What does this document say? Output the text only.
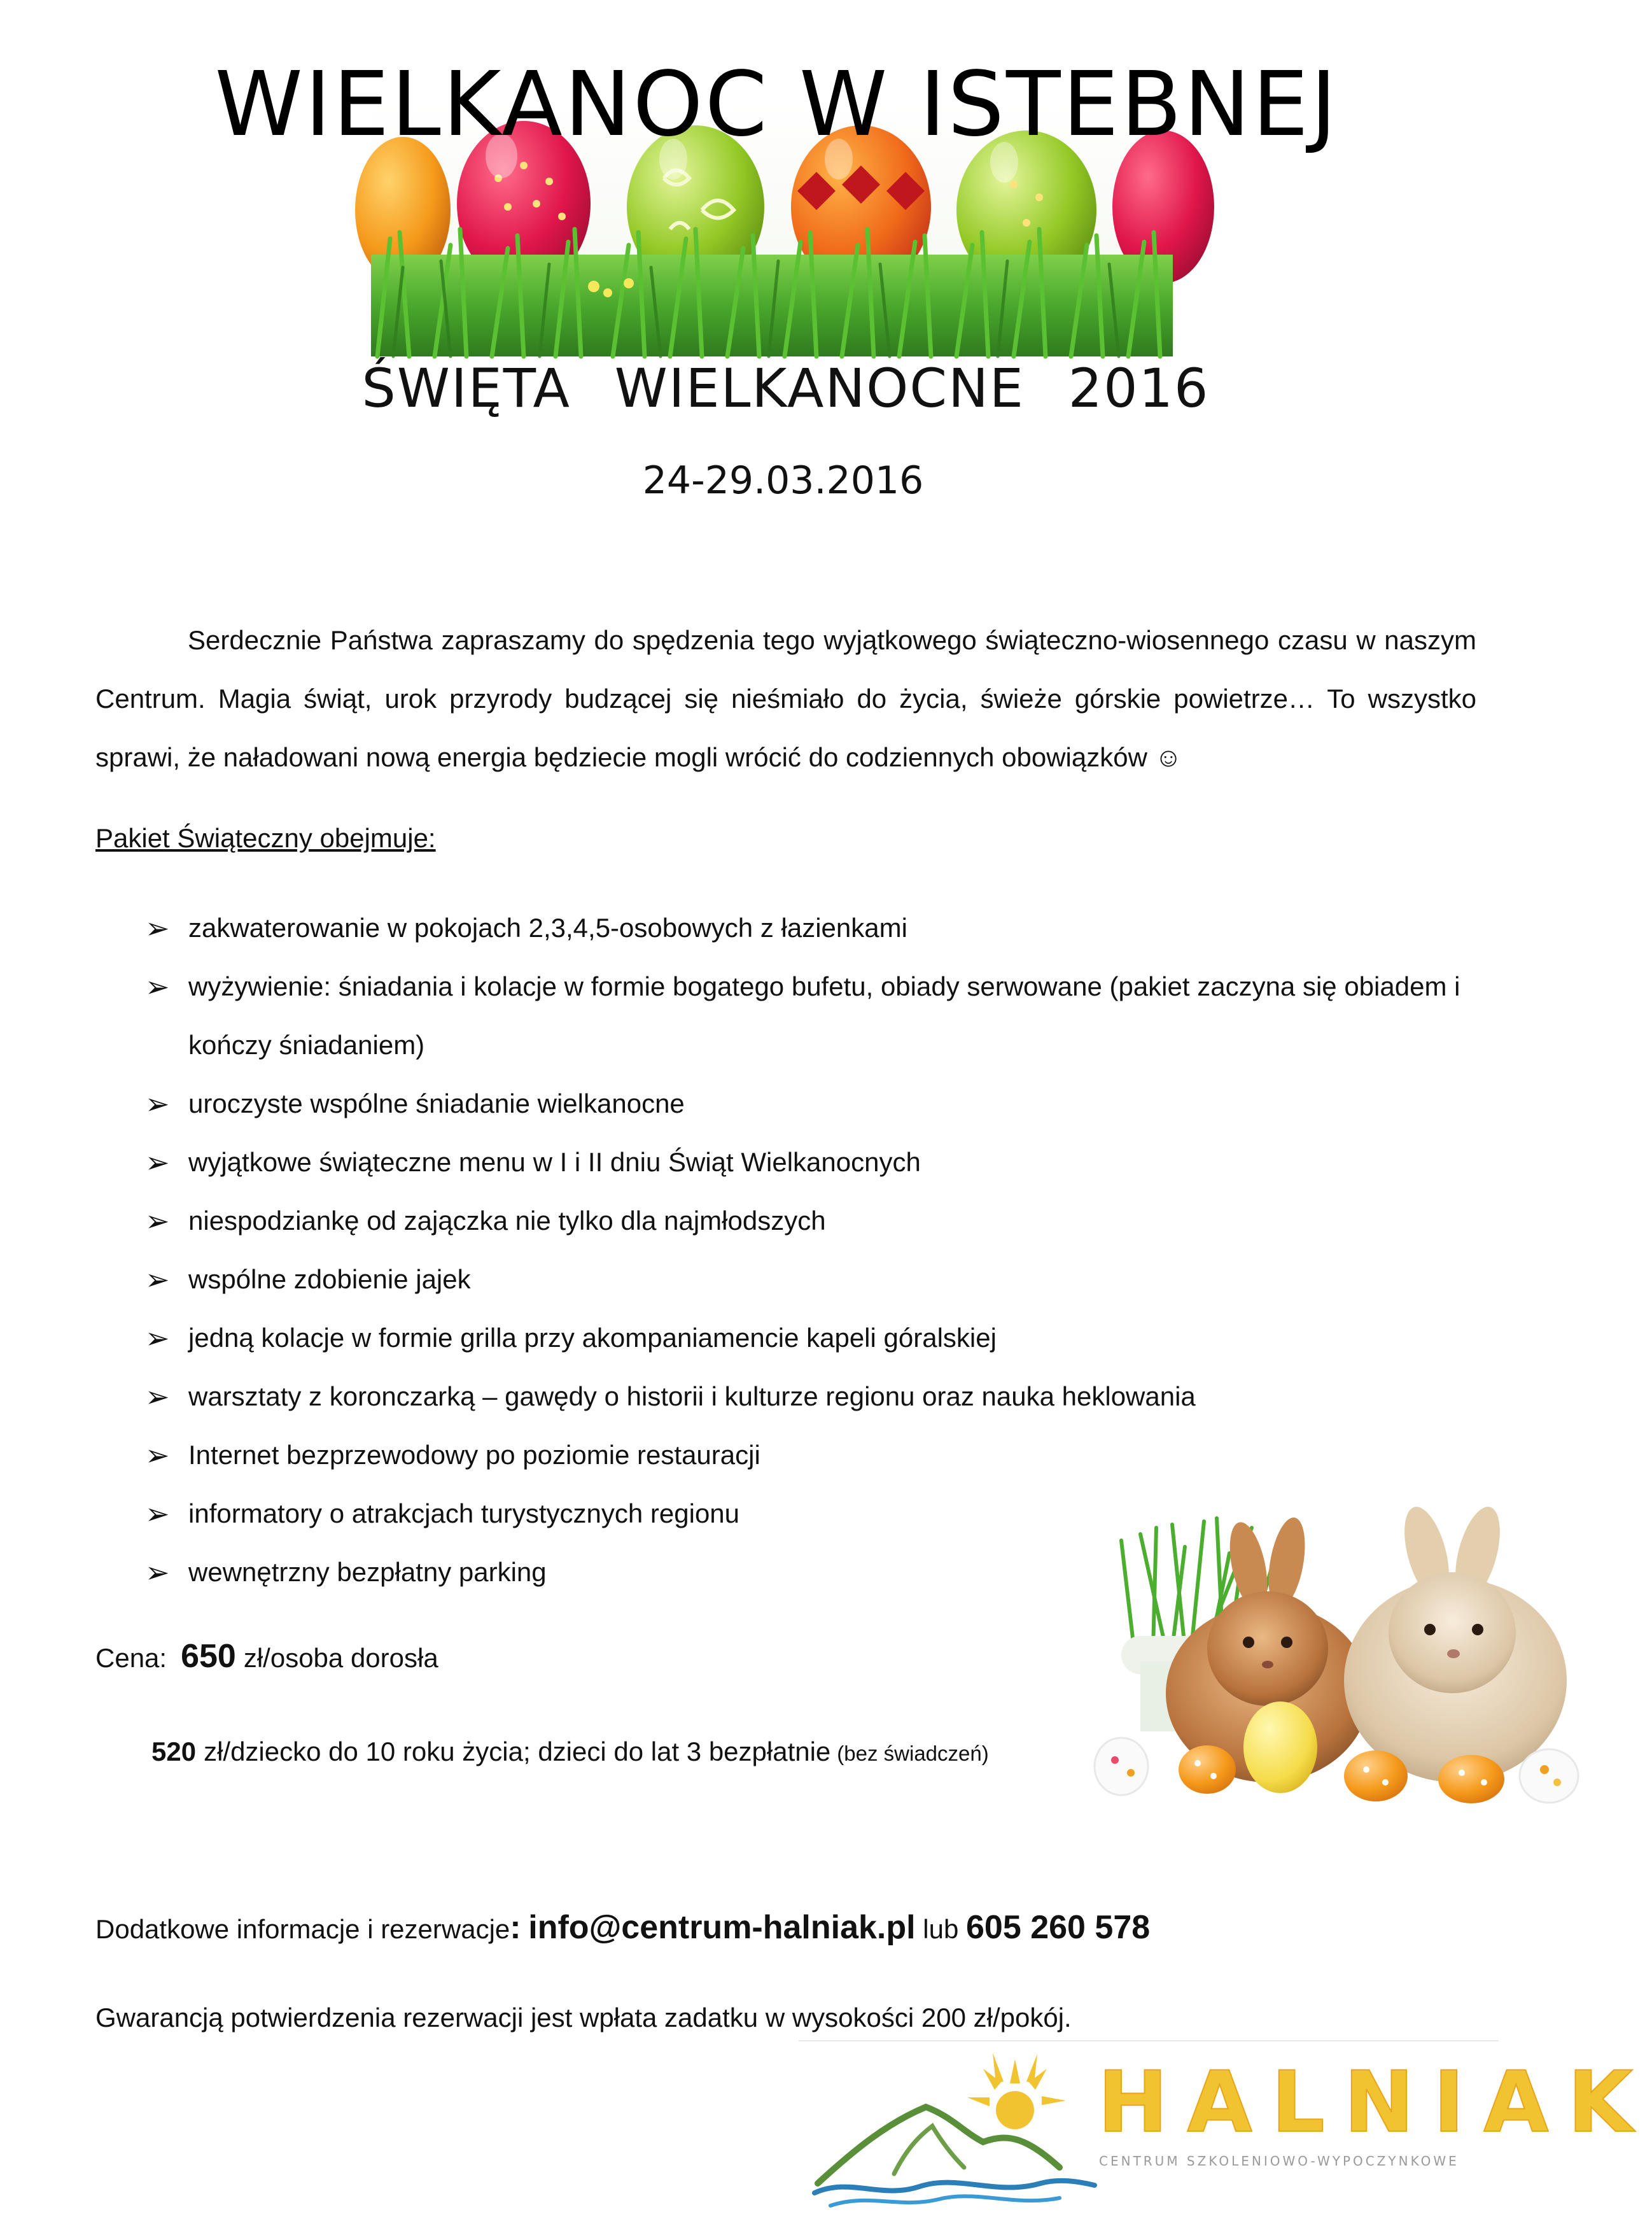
WIELKANOC W ISTEBNEJ
ŚWIĘTA WIELKANOCNE 2016
24-29.03.2016

Serdecznie Państwa zapraszamy do spędzenia tego wyjątkowego świąteczno-wiosennego czasu w naszym Centrum. Magia świąt, urok przyrody budzącej się nieśmiało do życia, świeże górskie powietrze… To wszystko sprawi, że naładowani nową energia będziecie mogli wrócić do codziennych obowiązków ☺

Pakiet Świąteczny obejmuje:
➢ zakwaterowanie w pokojach 2,3,4,5-osobowych z łazienkami
➢ wyżywienie: śniadania i kolacje w formie bogatego bufetu, obiady serwowane (pakiet zaczyna się obiadem i kończy śniadaniem)
➢ uroczyste wspólne śniadanie wielkanocne
➢ wyjątkowe świąteczne menu w I i II dniu Świąt Wielkanocnych
➢ niespodziankę od zajączka nie tylko dla najmłodszych
➢ wspólne zdobienie jajek
➢ jedną kolacje w formie grilla przy akompaniamencie kapeli góralskiej
➢ warsztaty z koronczarką – gawędy o historii i kulturze regionu oraz nauka heklowania
➢ Internet bezprzewodowy po poziomie restauracji
➢ informatory o atrakcjach turystycznych regionu
➢ wewnętrzny bezpłatny parking
Cena: 650 zł/osoba dorosła
520 zł/dziecko do 10 roku życia; dzieci do lat 3 bezpłatnie (bez świadczeń)
Dodatkowe informacje i rezerwacje: info@centrum-halniak.pl lub 605 260 578
Gwarancją potwierdzenia rezerwacji jest wpłata zadatku w wysokości 200 zł/pokój.
HALNIAK
CENTRUM SZKOLENIOWO-WYPOCZYNKOWE
